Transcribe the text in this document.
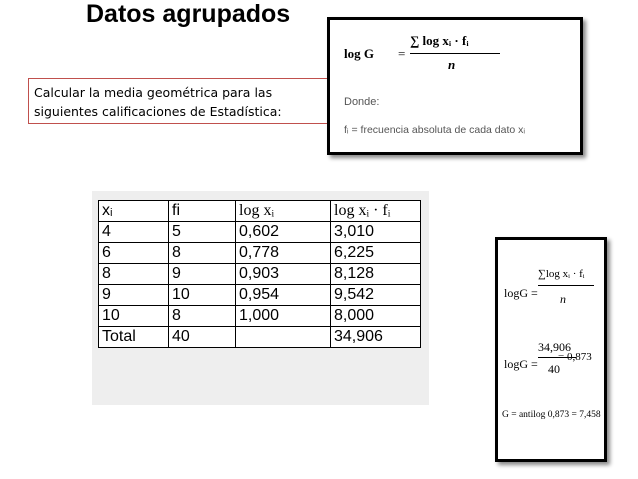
Datos agrupados
Calcular la media geométrica para las siguientes calificaciones de Estadística:
log G =
∑ log xᵢ · fᵢ
n
Donde:
fᵢ = frecuencia absoluta de cada dato xᵢ
xᵢ	fi	log xᵢ	log xᵢ · fᵢ
4	5	0,602	3,010
6	8	0,778	6,225
8	9	0,903	8,128
9	10	0,954	9,542
10	8	1,000	8,000
Total	40		34,906
logG =
∑log xᵢ · fᵢ
n
logG =
34,906
40
= 0,873
G = antilog 0,873 = 7,458
